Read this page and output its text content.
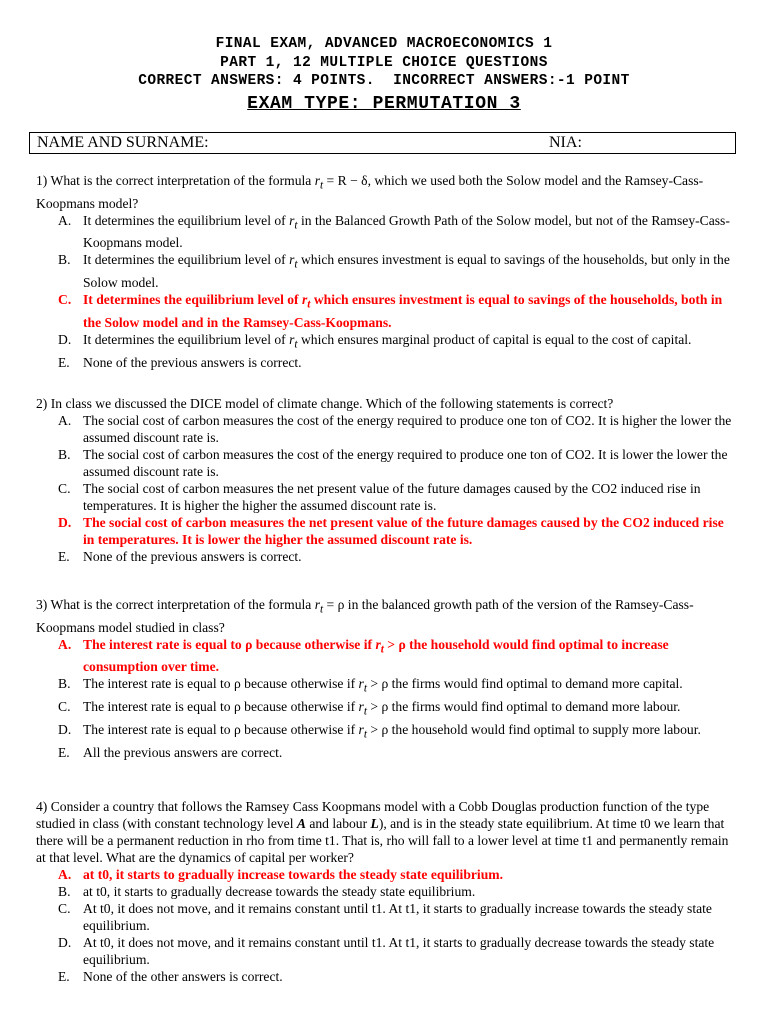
FINAL EXAM, ADVANCED MACROECONOMICS 1
PART 1, 12 MULTIPLE CHOICE QUESTIONS
CORRECT ANSWERS: 4 POINTS.  INCORRECT ANSWERS:-1 POINT
EXAM TYPE: PERMUTATION 3
NAME AND SURNAME:	NIA:

1) What is the correct interpretation of the formula $r_t = R - \delta$, which we used both the Solow model and the Ramsey-Cass-Koopmans model?

A. It determines the equilibrium level of $r_t$ in the Balanced Growth Path of the Solow model, but not of the Ramsey-Cass-Koopmans model.
B. It determines the equilibrium level of $r_t$ which ensures investment is equal to savings of the households, but only in the Solow model.
C. It determines the equilibrium level of $r_t$ which ensures investment is equal to savings of the households, both in the Solow model and in the Ramsey-Cass-Koopmans.
D. It determines the equilibrium level of $r_t$ which ensures marginal product of capital is equal to the cost of capital.
E. None of the previous answers is correct.

2) In class we discussed the DICE model of climate change. Which of the following statements is correct?

A. The social cost of carbon measures the cost of the energy required to produce one ton of CO2. It is higher the lower the assumed discount rate is.
B. The social cost of carbon measures the cost of the energy required to produce one ton of CO2. It is lower the lower the assumed discount rate is.
C. The social cost of carbon measures the net present value of the future damages caused by the CO2 induced rise in temperatures. It is higher the higher the assumed discount rate is.
D. The social cost of carbon measures the net present value of the future damages caused by the CO2 induced rise in temperatures. It is lower the higher the assumed discount rate is.
E. None of the previous answers is correct.

3) What is the correct interpretation of the formula $r_t = \rho$ in the balanced growth path of the version of the Ramsey-Cass-Koopmans model studied in class?

A. The interest rate is equal to ρ because otherwise if $r_t > \rho$ the household would find optimal to increase consumption over time.
B. The interest rate is equal to ρ because otherwise if $r_t > \rho$ the firms would find optimal to demand more capital.
C. The interest rate is equal to ρ because otherwise if $r_t > \rho$ the firms would find optimal to demand more labour.
D. The interest rate is equal to ρ because otherwise if $r_t > \rho$ the household would find optimal to supply more labour.
E. All the previous answers are correct.

4) Consider a country that follows the Ramsey Cass Koopmans model with a Cobb Douglas production function of the type studied in class (with constant technology level A and labour L), and is in the steady state equilibrium. At time t0 we learn that there will be a permanent reduction in rho from time t1. That is, rho will fall to a lower level at time t1 and permanently remain at that level. What are the dynamics of capital per worker?

A. at t0, it starts to gradually increase towards the steady state equilibrium.
B. at t0, it starts to gradually decrease towards the steady state equilibrium.
C. At t0, it does not move, and it remains constant until t1. At t1, it starts to gradually increase towards the steady state equilibrium.
D. At t0, it does not move, and it remains constant until t1. At t1, it starts to gradually decrease towards the steady state equilibrium.
E. None of the other answers is correct.
